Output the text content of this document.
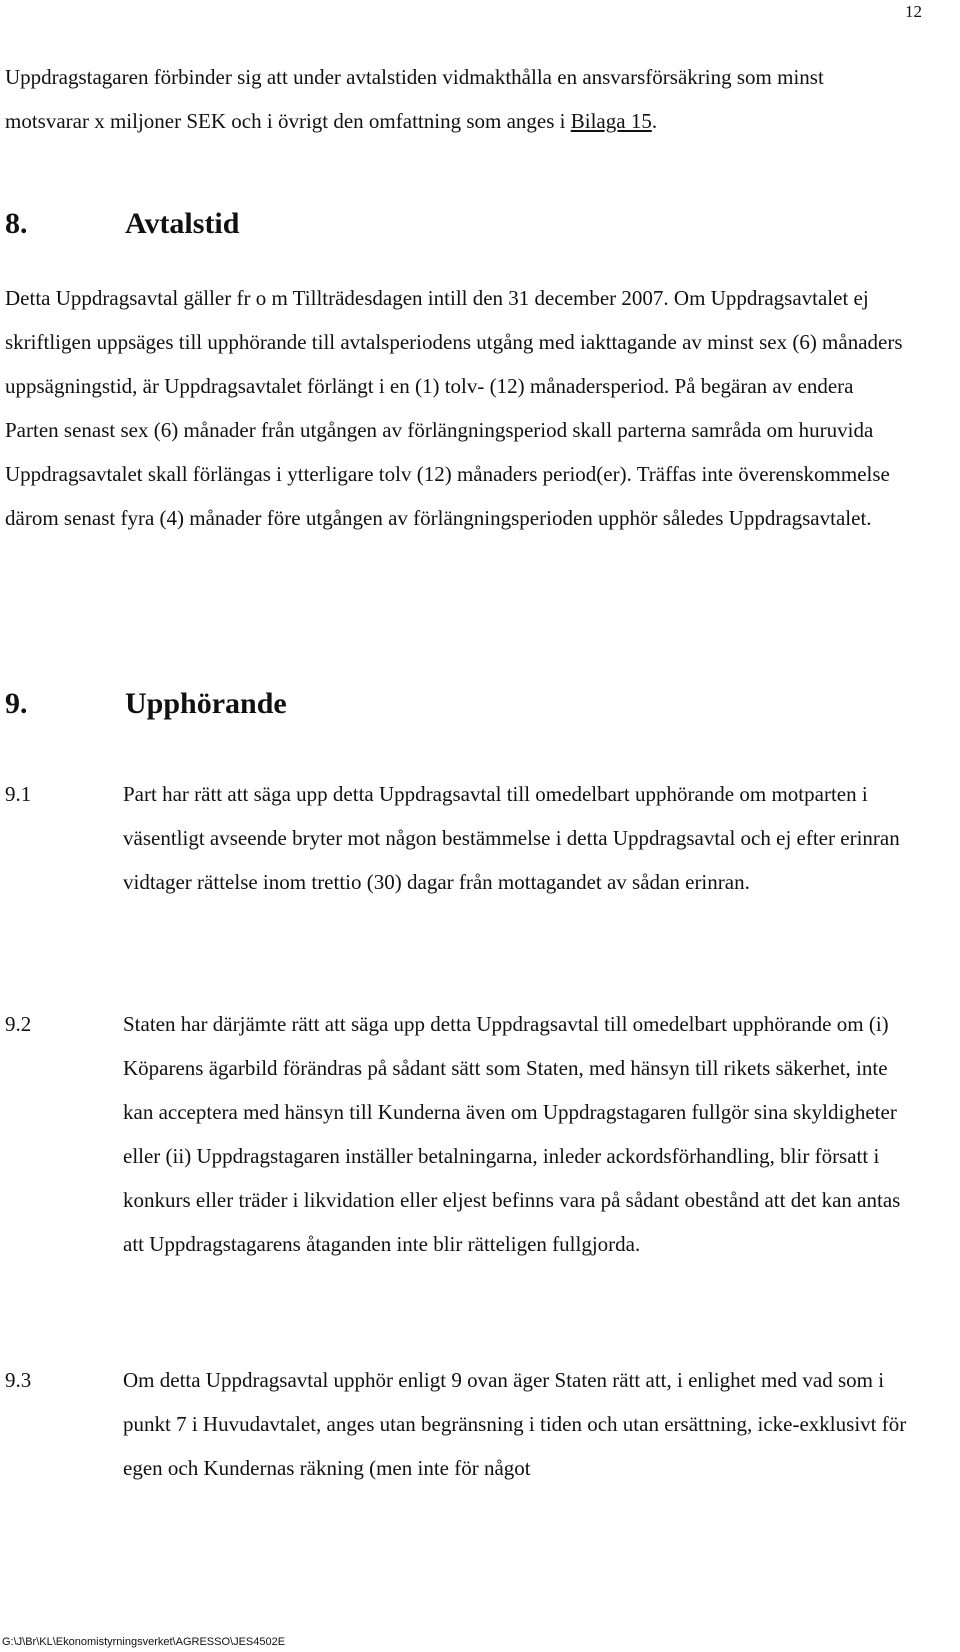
12
Uppdragstagaren förbinder sig att under avtalstiden vidmakthålla en ansvarsförsäkring som minst motsvarar x miljoner SEK och i övrigt den omfattning som anges i Bilaga 15.
8.	Avtalstid
Detta Uppdragsavtal gäller fr o m Tillträdesdagen intill den 31 december 2007. Om Uppdragsavtalet ej skriftligen uppsäges till upphörande till avtalsperiodens utgång med iakttagande av minst sex (6) månaders uppsägningstid, är Uppdragsavtalet förlängt i en (1) tolv- (12) månadersperiod. På begäran av endera Parten senast sex (6) månader från utgången av förlängningsperiod skall parterna samråda om huruvida Uppdragsavtalet skall förlängas i ytterligare tolv (12) månaders period(er). Träffas inte överenskommelse därom senast fyra (4) månader före utgången av förlängningsperioden upphör således Uppdragsavtalet.
9.	Upphörande
9.1	Part har rätt att säga upp detta Uppdragsavtal till omedelbart upphörande om motparten i väsentligt avseende bryter mot någon bestämmelse i detta Uppdragsavtal och ej efter erinran vidtager rättelse inom trettio (30) dagar från mottagandet av sådan erinran.
9.2	Staten har därjämte rätt att säga upp detta Uppdragsavtal till omedelbart upphörande om (i) Köparens ägarbild förändras på sådant sätt som Staten, med hänsyn till rikets säkerhet, inte kan acceptera med hänsyn till Kunderna även om Uppdragstagaren fullgör sina skyldigheter eller (ii) Uppdragstagaren inställer betalningarna, inleder ackordsförhandling, blir försatt i konkurs eller träder i likvidation eller eljest befinns vara på sådant obestånd att det kan antas att Uppdragstagarens åtaganden inte blir rätteligen fullgjorda.
9.3	Om detta Uppdragsavtal upphör enligt 9 ovan äger Staten rätt att, i enlighet med vad som i punkt 7 i Huvudavtalet, anges utan begränsning i tiden och utan ersättning, icke-exklusivt för egen och Kundernas räkning (men inte för något
G:\J\Br\KL\Ekonomistyrningsverket\AGRESSO\JES4502E
